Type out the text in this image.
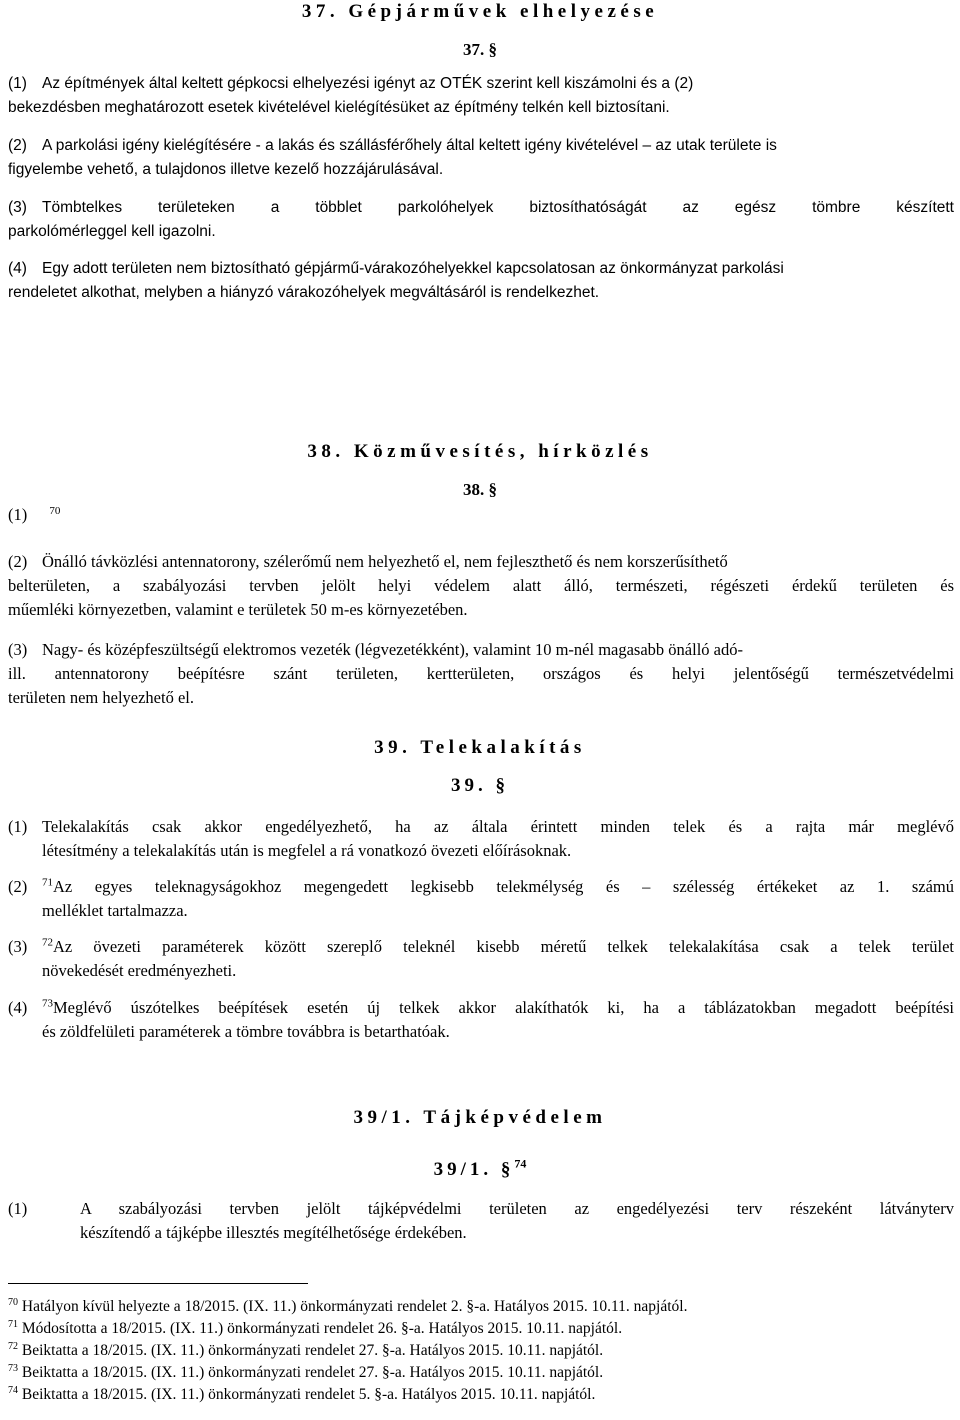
37. Gépjárművek elhelyezése
37. §
(1) Az építmények által keltett gépkocsi elhelyezési igényt az OTÉK szerint kell kiszámolni és a (2)
bekezdésben meghatározott esetek kivételével kielégítésüket az építmény telkén kell biztosítani.
(2) A parkolási igény kielégítésére - a lakás és szállásférőhely által keltett igény kivételével – az utak területe is
figyelembe vehető, a tulajdonos illetve kezelő hozzájárulásával.
(3) Tömbtelkes területeken a többlet parkolóhelyek biztosíthatóságát az egész tömbre készített
parkolómérleggel kell igazolni.
(4) Egy adott területen nem biztosítható gépjármű-várakozóhelyekkel kapcsolatosan az önkormányzat parkolási
rendeletet alkothat, melyben a hiányzó várakozóhelyek megváltásáról is rendelkezhet.
38. Közművesítés, hírközlés
38. §
(1) $^{70}$
(2) Önálló távközlési antennatorony, szélerőmű nem helyezhető el, nem fejleszthető és nem korszerűsíthető
belterületen, a szabályozási tervben jelölt helyi védelem alatt álló, természeti, régészeti érdekű területen és
műemléki környezetben, valamint e területek 50 m-es környezetében.
(3) Nagy- és középfeszültségű elektromos vezeték (légvezetékként), valamint 10 m-nél magasabb önálló adó-
ill. antennatorony beépítésre szánt területen, kertterületen, országos és helyi jelentőségű természetvédelmi
területen nem helyezhető el.
39. Telekalakítás
39. §
(1) Telekalakítás csak akkor engedélyezhető, ha az általa érintett minden telek és a rajta már meglévő
létesítmény a telekalakítás után is megfelel a rá vonatkozó övezeti előírásoknak.
(2)	$^{71}$Az egyes teleknagyságokhoz megengedett legkisebb telekmélység és – szélesség értékeket az 1. számú
melléklet tartalmazza.
(3)	$^{72}$Az övezeti paraméterek között szereplő teleknél kisebb méretű telkek telekalakítása csak a telek terület
növekedését eredményezheti.
(4)	$^{73}$Meglévő úszótelkes beépítések esetén új telkek akkor alakíthatók ki, ha a táblázatokban megadott beépítési
és zöldfelületi paraméterek a tömbre továbbra is betarthatóak.
39/1. Tájképvédelem
39/1. §$^{74}$
(1)	A szabályozási tervben jelölt tájképvédelmi területen az engedélyezési terv részeként látványterv
készítendő a tájképbe illesztés megítélhetősége érdekében.
$^{70}$ Hatályon kívül helyezte a 18/2015. (IX. 11.) önkormányzati rendelet 2. §-a. Hatályos 2015. 10.11. napjától.
$^{71}$ Módosította a 18/2015. (IX. 11.) önkormányzati rendelet 26. §-a. Hatályos 2015. 10.11. napjától.
$^{72}$ Beiktatta a 18/2015. (IX. 11.) önkormányzati rendelet 27. §-a. Hatályos 2015. 10.11. napjától.
$^{73}$ Beiktatta a 18/2015. (IX. 11.) önkormányzati rendelet 27. §-a. Hatályos 2015. 10.11. napjától.
$^{74}$ Beiktatta a 18/2015. (IX. 11.) önkormányzati rendelet 5. §-a. Hatályos 2015. 10.11. napjától.
